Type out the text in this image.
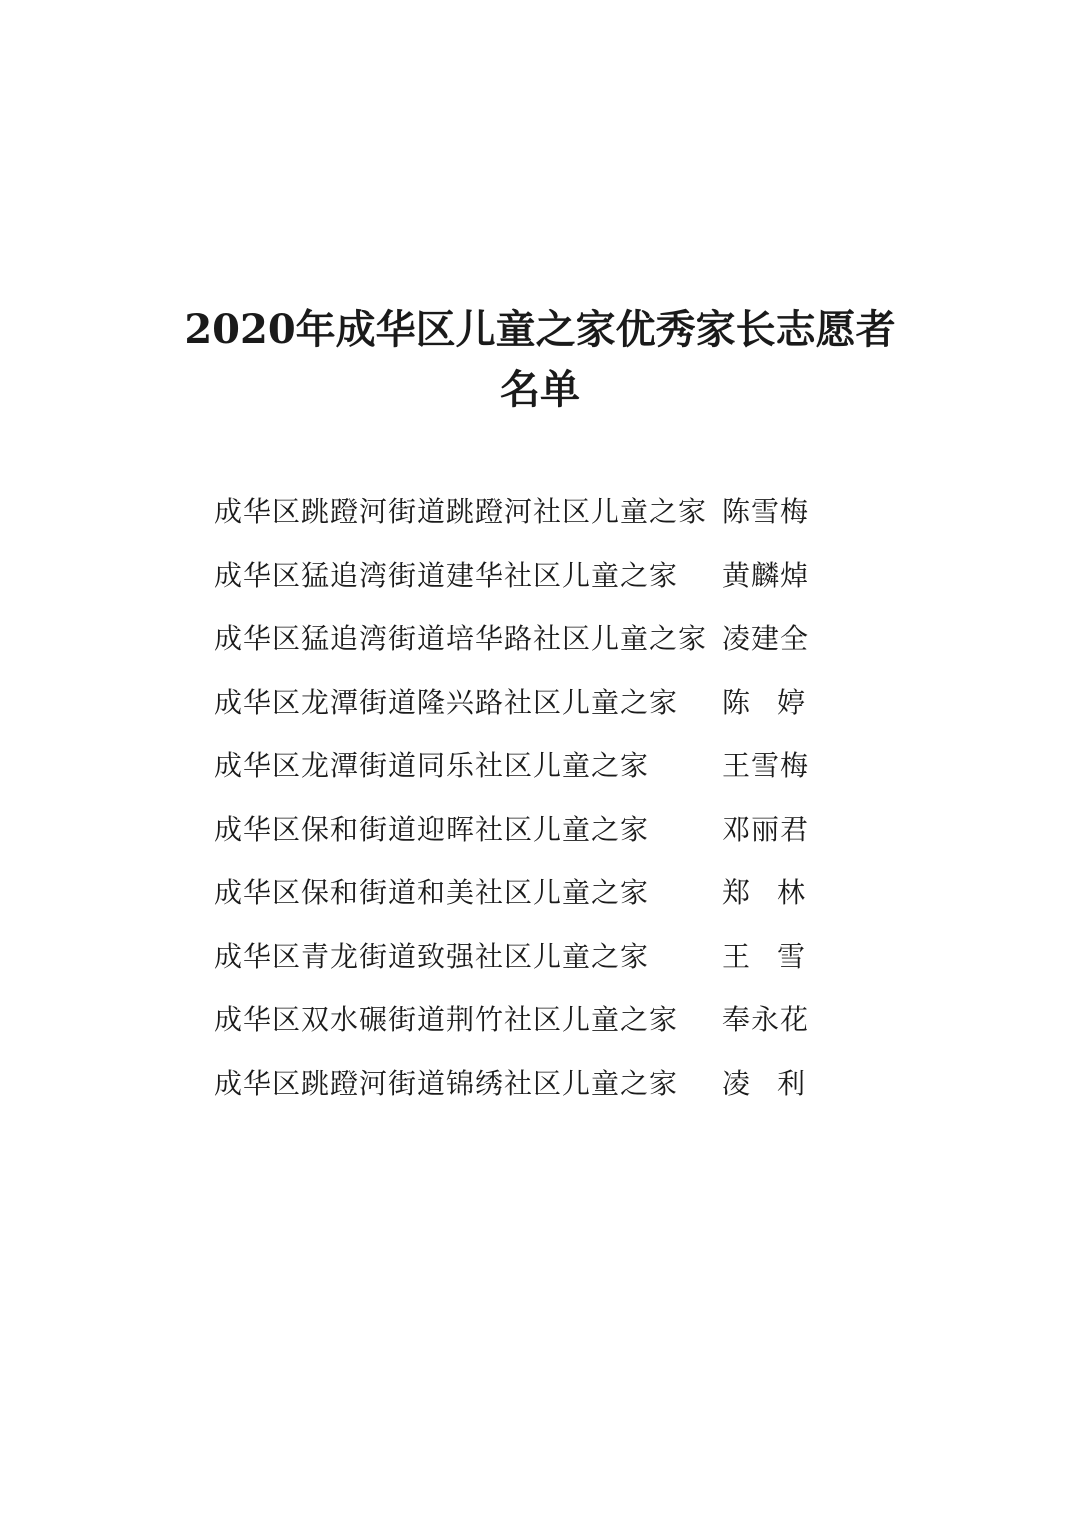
2020年成华区儿童之家优秀家长志愿者
名单
成华区跳蹬河街道跳蹬河社区儿童之家 陈雪梅
成华区猛追湾街道建华社区儿童之家 黄麟焯
成华区猛追湾街道培华路社区儿童之家 凌建全
成华区龙潭街道隆兴路社区儿童之家 陈 婷
成华区龙潭街道同乐社区儿童之家	王雪梅
成华区保和街道迎晖社区儿童之家	邓丽君
成华区保和街道和美社区儿童之家	郑 林
成华区青龙街道致强社区儿童之家	王 雪
成华区双水碾街道荆竹社区儿童之家 奉永花
成华区跳蹬河街道锦绣社区儿童之家 凌 利
